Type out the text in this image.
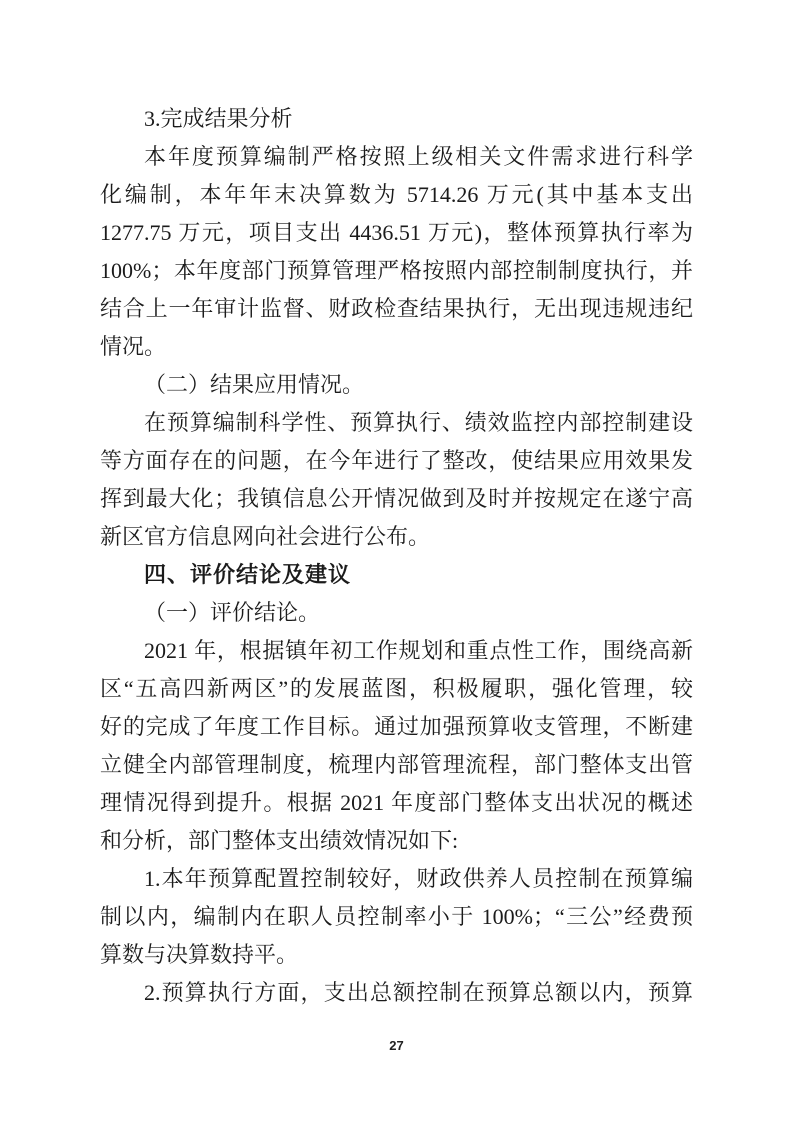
3.完成结果分析
本年度预算编制严格按照上级相关文件需求进行科学
化编制，本年年末决算数为 5714.26 万元(其中基本支出
1277.75 万元，项目支出 4436.51 万元)，整体预算执行率为
100%；本年度部门预算管理严格按照内部控制制度执行，并
结合上一年审计监督、财政检查结果执行，无出现违规违纪
情况。
（二）结果应用情况。
在预算编制科学性、预算执行、绩效监控内部控制建设
等方面存在的问题，在今年进行了整改，使结果应用效果发
挥到最大化；我镇信息公开情况做到及时并按规定在遂宁高
新区官方信息网向社会进行公布。
四、评价结论及建议
（一）评价结论。
2021 年，根据镇年初工作规划和重点性工作，围绕高新
区“五高四新两区”的发展蓝图，积极履职，强化管理，较
好的完成了年度工作目标。通过加强预算收支管理，不断建
立健全内部管理制度，梳理内部管理流程，部门整体支出管
理情况得到提升。根据 2021 年度部门整体支出状况的概述
和分析，部门整体支出绩效情况如下:
1.本年预算配置控制较好，财政供养人员控制在预算编
制以内，编制内在职人员控制率小于 100%；“三公”经费预
算数与决算数持平。
2.预算执行方面，支出总额控制在预算总额以内，预算
27
